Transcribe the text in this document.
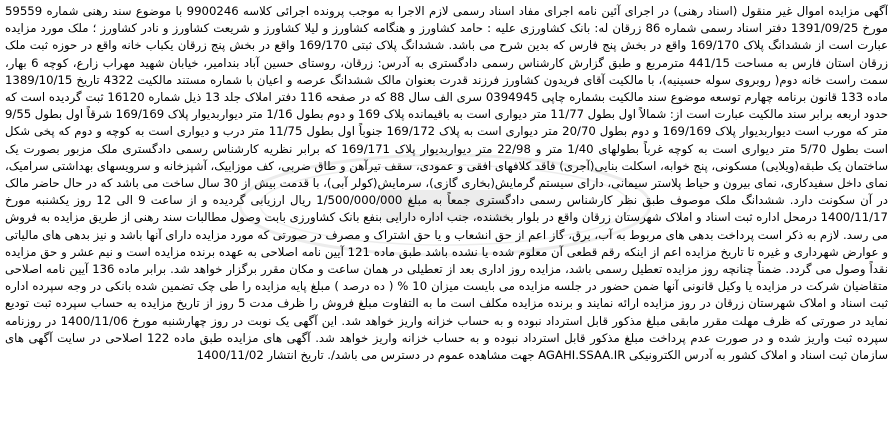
آگهی مزایده اموال غیر منقول (اسناد رهنی) در اجرای آئین نامه اجرای مفاد اسناد رسمی لازم الاجرا به موجب پرونده اجرائی کلاسه 9900246 با موضوع سند رهنی شماره 59559 مورخ 1391/09/25 دفتر اسناد رسمی شماره 86 زرقان له: بانک کشاورزی علیه : حامد کشاورز و هنگامه کشاورز و لیلا کشاورز و شریعت کشاورز و نادر کشاورز ؛ ملک مورد مزایده عبارت است از ششدانگ پلاک 169/170 واقع در بخش پنج فارس که بدین شرح می باشد. ششدانگ پلاک ثبتی 169/170 واقع در بخش پنج زرقان یکباب خانه واقع در حوزه ثبت ملک زرقان استان فارس به مساحت 441/15 مترمربع و طبق گزارش کارشناس رسمی دادگستری به آدرس: زرقان، روستای حسین آباد بندامیر، خیابان شهید مهراب زارع، کوچه 6 بهار، سمت راست خانه دوم( روبروی سوله حسینیه)، با مالکیت آقای فریدون کشاورز فرزند قدرت بعنوان مالک ششدانگ عرصه و اعیان با شماره مستند مالکیت 4322 تاریخ 1389/10/15 ماده 133 قانون برنامه چهارم توسعه موضوع سند مالکیت بشماره چاپی 0394945 سری الف سال 88 که در صفحه 116 دفتر املاک جلد 13 ذیل شماره 16120 ثبت گردیده است که حدود اربعه برابر سند مالکیت عبارت است از: شمالاً اول بطول 11/77 متر دیواری است به باقیمانده پلاک 169 و دوم بطول 1/16 متر دیواربدیوار پلاک 169/169 شرقاً اول بطول 9/55 متر که مورب است دیواربدیوار پلاک 169/169 و دوم بطول 20/70 متر دیواری است به پلاک 169/172 جنوباً اول بطول 11/75 متر درب و دیواری است به کوچه و دوم که پخی شکل است بطول 5/70 متر دیواری است به کوچه غرباً بطولهای 1/40 متر و 22/98 متر دیواربدیوار پلاک 169/171 که برابر نظریه کارشناس رسمی دادگستری ملک مزبور بصورت یک ساختمان یک طبقه(ویلایی) مسکونی، پنج خوابه، اسکلت بنایی(آجری) فاقد کلافهای افقی و عمودی، سقف تیرآهن و طاق ضربی، کف موزاییک، آشپزخانه و سرویسهای بهداشتی سرامیک، نمای داخل سفیدکاری، نمای بیرون و حیاط پلاستر سیمانی، دارای سیستم گرمایش(بخاری گازی)، سرمایش(کولر آبی)، با قدمت بیش از 30 سال ساخت می باشد که در حال حاضر مالک در آن سکونت دارد. ششدانگ ملک موصوف طبق نظر کارشناس رسمی دادگستری جمعاً به مبلغ 1/500/000/000 ریال ارزیابی گردیده و از ساعت 9 الی 12 روز یکشنبه مورخ 1400/11/17 درمحل اداره ثبت اسناد و املاک شهرستان زرقان واقع در بلوار بخشنده، جنب اداره دارایی بنفع بانک کشاورزی بابت وصول مطالبات سند رهنی از طریق مزایده به فروش می رسد. لازم به ذکر است پرداخت بدهی های مربوط به آب، برق، گاز اعم از حق انشعاب و یا حق اشتراک و مصرف در صورتی که مورد مزایده دارای آنها باشد و نیز بدهی های مالیاتی و عوارض شهرداری و غیره تا تاریخ مزایده اعم از اینکه رقم قطعی آن معلوم شده یا نشده باشد طبق ماده 121 آیین نامه اصلاحی به عهده برنده مزایده است و نیم عشر و حق مزایده نقداً وصول می گردد. ضمناً چنانچه روز مزایده تعطیل رسمی باشد، مزایده روز اداری بعد از تعطیلی در همان ساعت و مکان مقرر برگزار خواهد شد. برابر ماده 136 آیین نامه اصلاحی متقاضیان شرکت در مزایده یا وکیل قانونی آنها ضمن حضور در جلسه مزایده می بایست میزان 10 % ( ده درصد ) مبلغ پایه مزایده را طی چک تضمین شده بانکی در وجه سپرده اداره ثبت اسناد و املاک شهرستان زرقان در روز مزایده ارائه نمایند و برنده مزایده مکلف است ما به التفاوت مبلغ فروش را ظرف مدت 5 روز از تاریخ مزایده به حساب سپرده ثبت تودیع نماید در صورتی که ظرف مهلت مقرر مابقی مبلغ مذکور قابل استرداد نبوده و به حساب خزانه واریز خواهد شد. این آگهی یک نوبت در روز چهارشنبه مورخ 1400/11/06 در روزنامه سپرده ثبت واریز شده و در صورت عدم پرداخت مبلغ مذکور قابل استرداد نبوده و به حساب خزانه واریز خواهد شد. آگهی های مزایده طبق ماده 122 اصلاحی در سایت آگهی های سازمان ثبت اسناد و املاک کشور به آدرس الکترونیکی AGAHI.SSAA.IR جهت مشاهده عموم در دسترس می باشد/. تاریخ انتشار 1400/11/02
